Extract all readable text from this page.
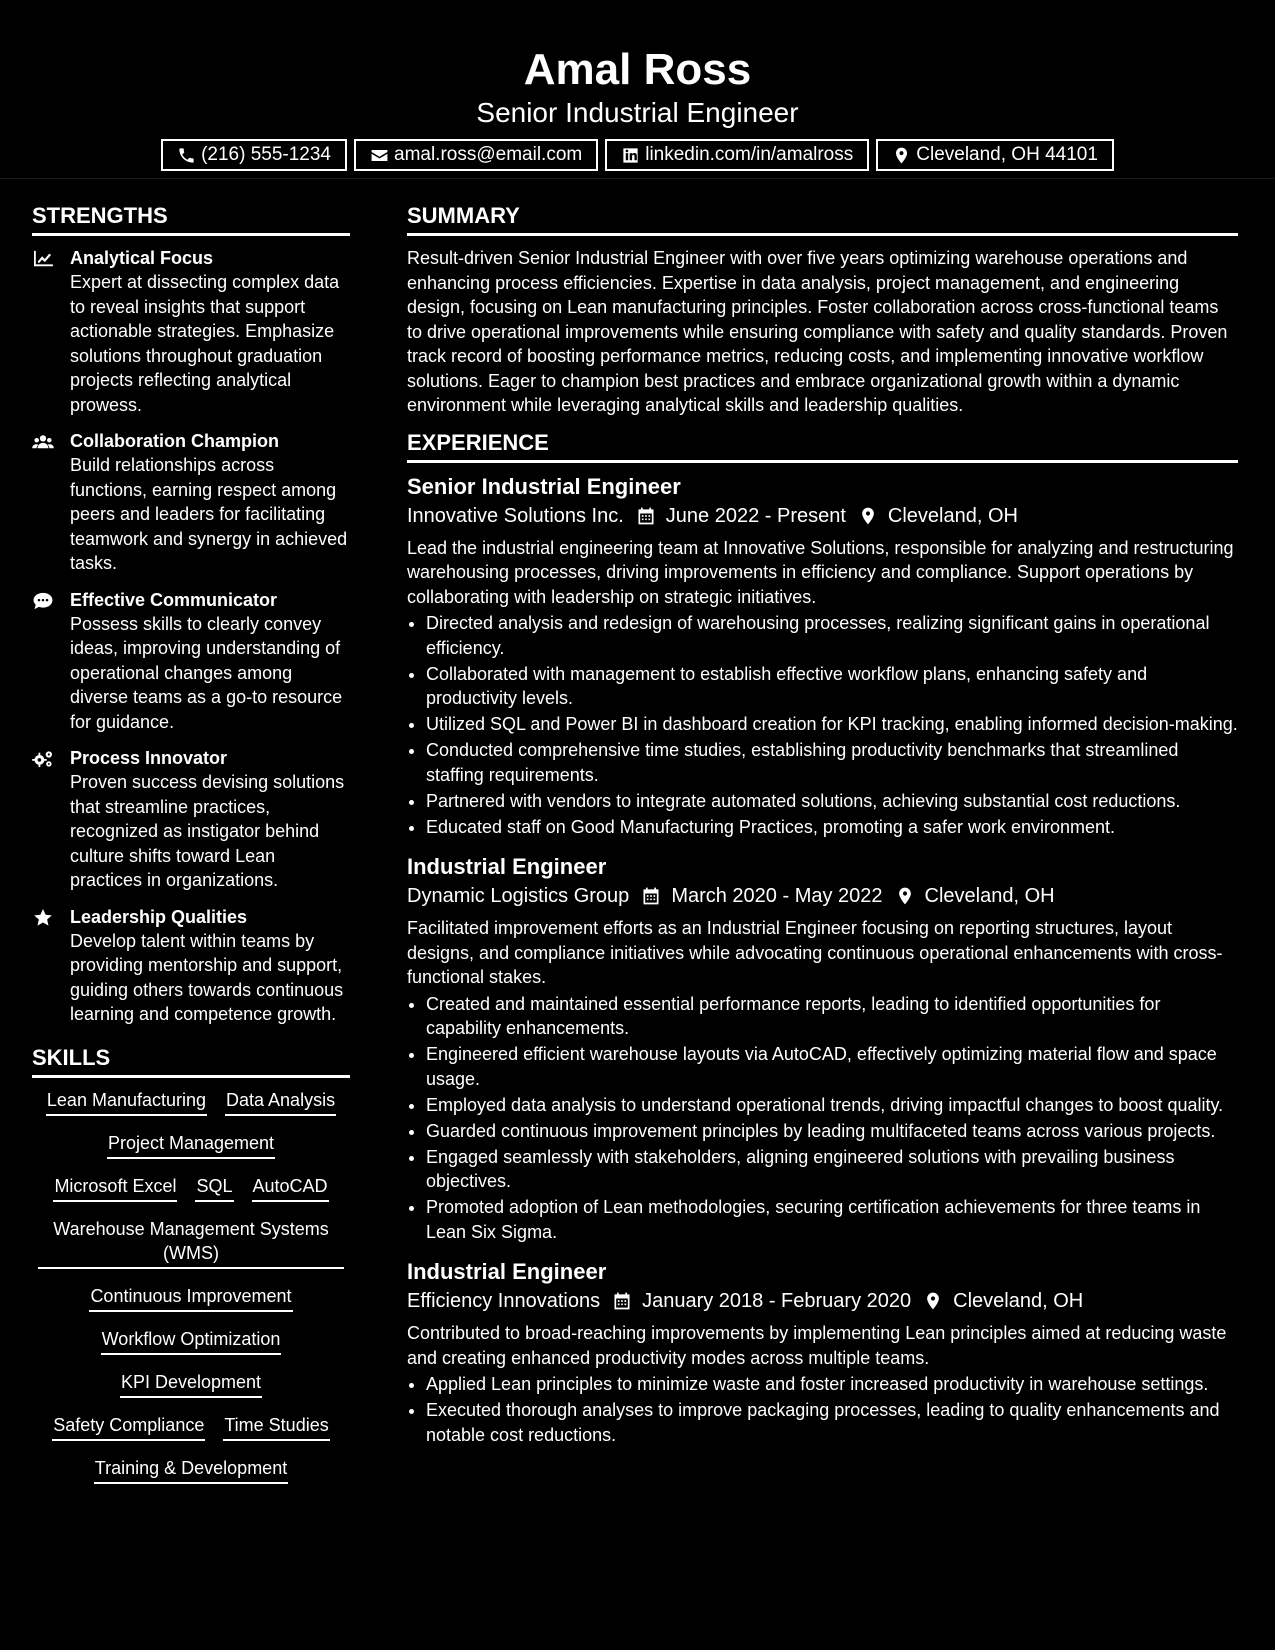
Amal Ross
Senior Industrial Engineer
(216) 555-1234	amal.ross@email.com	linkedin.com/in/amalross	Cleveland, OH 44101
STRENGTHS
Analytical Focus
Expert at dissecting complex data to reveal insights that support actionable strategies. Emphasize solutions throughout graduation projects reflecting analytical prowess.
Collaboration Champion
Build relationships across functions, earning respect among peers and leaders for facilitating teamwork and synergy in achieved tasks.
Effective Communicator
Possess skills to clearly convey ideas, improving understanding of operational changes among diverse teams as a go-to resource for guidance.
Process Innovator
Proven success devising solutions that streamline practices, recognized as instigator behind culture shifts toward Lean practices in organizations.
Leadership Qualities
Develop talent within teams by providing mentorship and support, guiding others towards continuous learning and competence growth.
SKILLS
Lean Manufacturing Data Analysis
Project Management
Microsoft Excel SQL AutoCAD
Warehouse Management Systems (WMS)
Continuous Improvement
Workflow Optimization
KPI Development
Safety Compliance Time Studies
Training & Development
SUMMARY
Result-driven Senior Industrial Engineer with over five years optimizing warehouse operations and enhancing process efficiencies. Expertise in data analysis, project management, and engineering design, focusing on Lean manufacturing principles. Foster collaboration across cross-functional teams to drive operational improvements while ensuring compliance with safety and quality standards. Proven track record of boosting performance metrics, reducing costs, and implementing innovative workflow solutions. Eager to champion best practices and embrace organizational growth within a dynamic environment while leveraging analytical skills and leadership qualities.
EXPERIENCE
Senior Industrial Engineer
Innovative Solutions Inc. June 2022 - Present Cleveland, OH
Lead the industrial engineering team at Innovative Solutions, responsible for analyzing and restructuring warehousing processes, driving improvements in efficiency and compliance. Support operations by collaborating with leadership on strategic initiatives.
• Directed analysis and redesign of warehousing processes, realizing significant gains in operational efficiency.
• Collaborated with management to establish effective workflow plans, enhancing safety and productivity levels.
• Utilized SQL and Power BI in dashboard creation for KPI tracking, enabling informed decision-making.
• Conducted comprehensive time studies, establishing productivity benchmarks that streamlined staffing requirements.
• Partnered with vendors to integrate automated solutions, achieving substantial cost reductions.
• Educated staff on Good Manufacturing Practices, promoting a safer work environment.
Industrial Engineer
Dynamic Logistics Group March 2020 - May 2022 Cleveland, OH
Facilitated improvement efforts as an Industrial Engineer focusing on reporting structures, layout designs, and compliance initiatives while advocating continuous operational enhancements with cross-functional stakes.
• Created and maintained essential performance reports, leading to identified opportunities for capability enhancements.
• Engineered efficient warehouse layouts via AutoCAD, effectively optimizing material flow and space usage.
• Employed data analysis to understand operational trends, driving impactful changes to boost quality.
• Guarded continuous improvement principles by leading multifaceted teams across various projects.
• Engaged seamlessly with stakeholders, aligning engineered solutions with prevailing business objectives.
• Promoted adoption of Lean methodologies, securing certification achievements for three teams in Lean Six Sigma.
Industrial Engineer
Efficiency Innovations January 2018 - February 2020 Cleveland, OH
Contributed to broad-reaching improvements by implementing Lean principles aimed at reducing waste and creating enhanced productivity modes across multiple teams.
• Applied Lean principles to minimize waste and foster increased productivity in warehouse settings.
• Executed thorough analyses to improve packaging processes, leading to quality enhancements and notable cost reductions.
